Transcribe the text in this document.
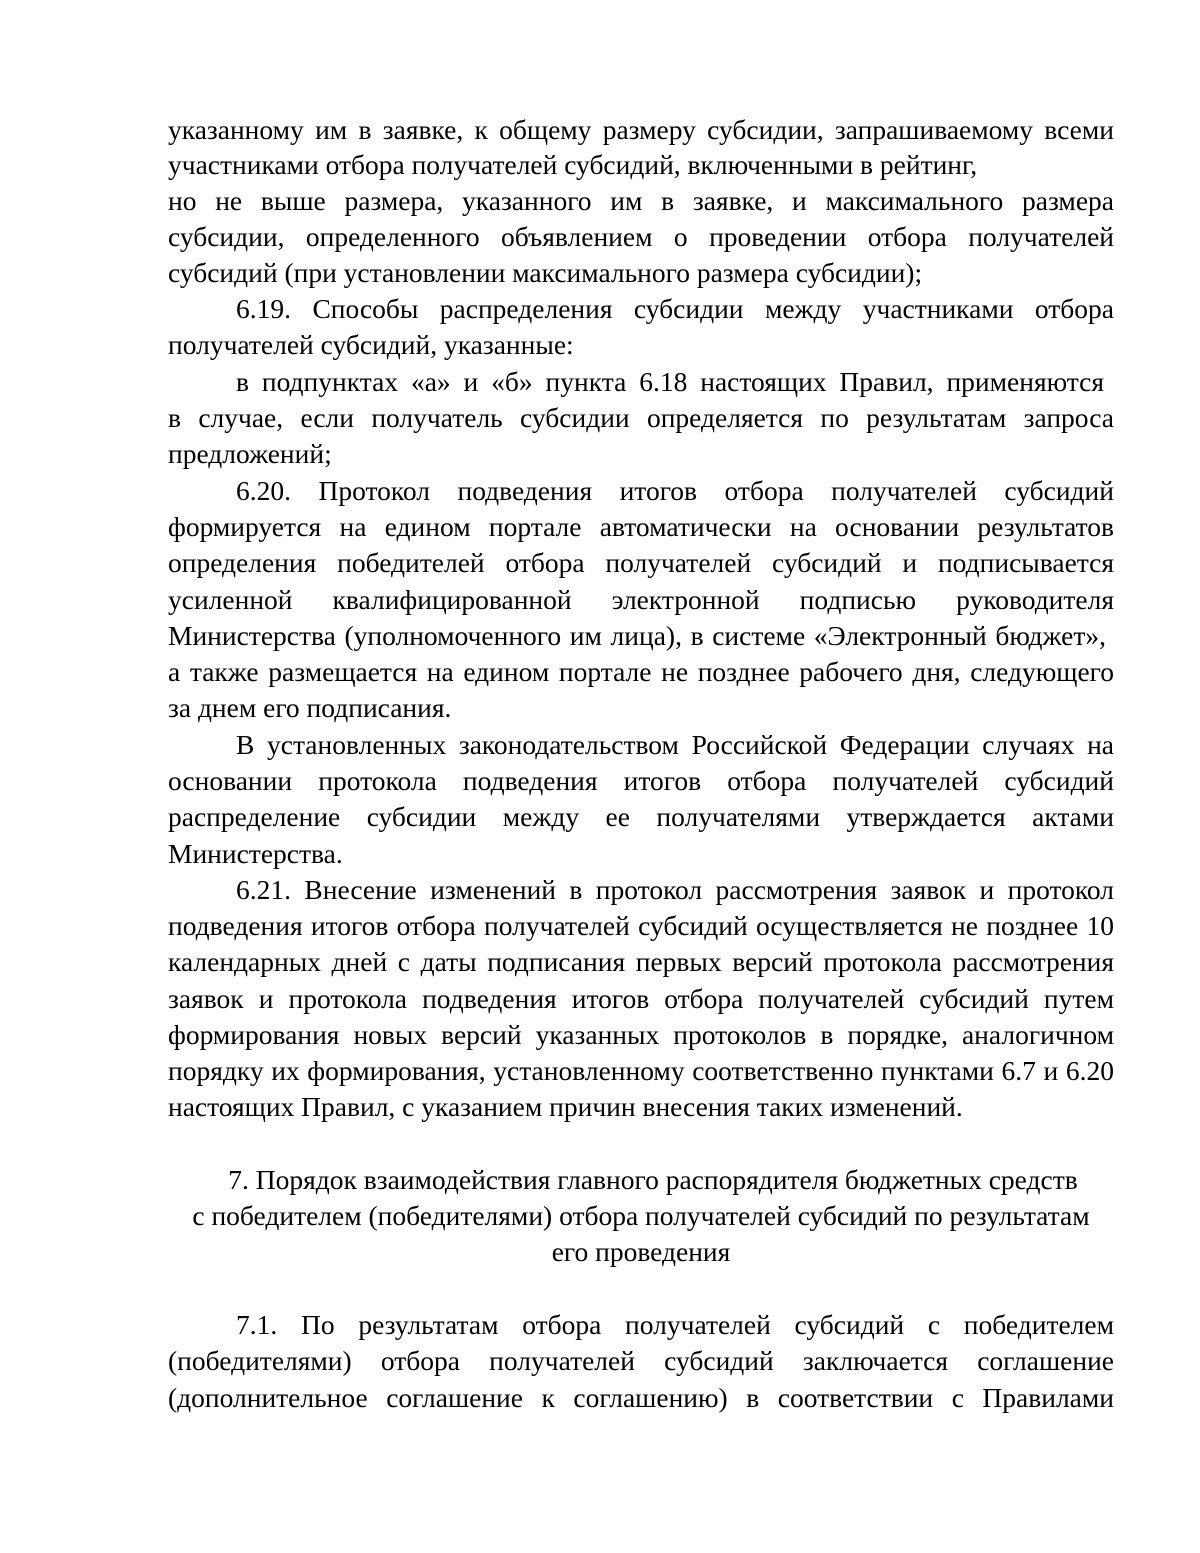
указанному им в заявке, к общему размеру субсидии, запрашиваемому всеми
участниками отбора получателей субсидий, включенными в рейтинг,
но не выше размера, указанного им в заявке, и максимального размера
субсидии, определенного объявлением о проведении отбора получателей
субсидий (при установлении максимального размера субсидии);
6.19. Способы распределения субсидии между участниками отбора
получателей субсидий, указанные:
в подпунктах «а» и «б» пункта 6.18 настоящих Правил, применяются
в случае, если получатель субсидии определяется по результатам запроса
предложений;
6.20. Протокол подведения итогов отбора получателей субсидий
формируется на едином портале автоматически на основании результатов
определения победителей отбора получателей субсидий и подписывается
усиленной квалифицированной электронной подписью руководителя
Министерства (уполномоченного им лица), в системе «Электронный бюджет»,
а также размещается на едином портале не позднее рабочего дня, следующего
за днем его подписания.
В установленных законодательством Российской Федерации случаях на
основании протокола подведения итогов отбора получателей субсидий
распределение субсидии между ее получателями утверждается актами
Министерства.
6.21. Внесение изменений в протокол рассмотрения заявок и протокол
подведения итогов отбора получателей субсидий осуществляется не позднее 10
календарных дней с даты подписания первых версий протокола рассмотрения
заявок и протокола подведения итогов отбора получателей субсидий путем
формирования новых версий указанных протоколов в порядке, аналогичном
порядку их формирования, установленному соответственно пунктами 6.7 и 6.20
настоящих Правил, с указанием причин внесения таких изменений.
7. Порядок взаимодействия главного распорядителя бюджетных средств
с победителем (победителями) отбора получателей субсидий по результатам
его проведения
7.1. По результатам отбора получателей субсидий с победителем
(победителями) отбора получателей субсидий заключается соглашение
(дополнительное соглашение к соглашению) в соответствии с Правилами
